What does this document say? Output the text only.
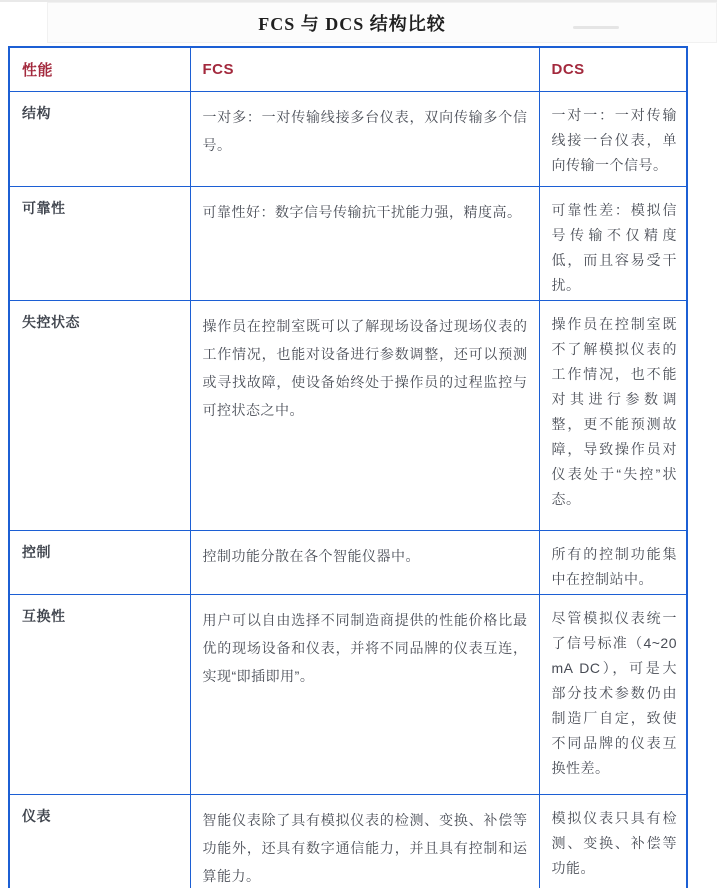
FCS 与 DCS 结构比较
性能	FCS	DCS
结构	一对多：一对传输线接多台仪表，双向传输多个信号。	一对一：一对传输线接一台仪表，单向传输一个信号。
可靠性	可靠性好：数字信号传输抗干扰能力强，精度高。	可靠性差：模拟信号传输不仅精度低，而且容易受干扰。
失控状态	操作员在控制室既可以了解现场设备过现场仪表的工作情况，也能对设备进行参数调整，还可以预测或寻找故障，使设备始终处于操作员的过程监控与可控状态之中。	操作员在控制室既不了解模拟仪表的工作情况，也不能对其进行参数调整，更不能预测故障，导致操作员对仪表处于“失控”状态。
控制	控制功能分散在各个智能仪器中。	所有的控制功能集中在控制站中。
互换性	用户可以自由选择不同制造商提供的性能价格比最优的现场设备和仪表，并将不同品牌的仪表互连，实现“即插即用”。	尽管模拟仪表统一了信号标准（4~20 mA DC），可是大部分技术参数仍由制造厂自定，致使不同品牌的仪表互换性差。
仪表	智能仪表除了具有模拟仪表的检测、变换、补偿等功能外，还具有数字通信能力，并且具有控制和运算能力。	模拟仪表只具有检测、变换、补偿等功能。
